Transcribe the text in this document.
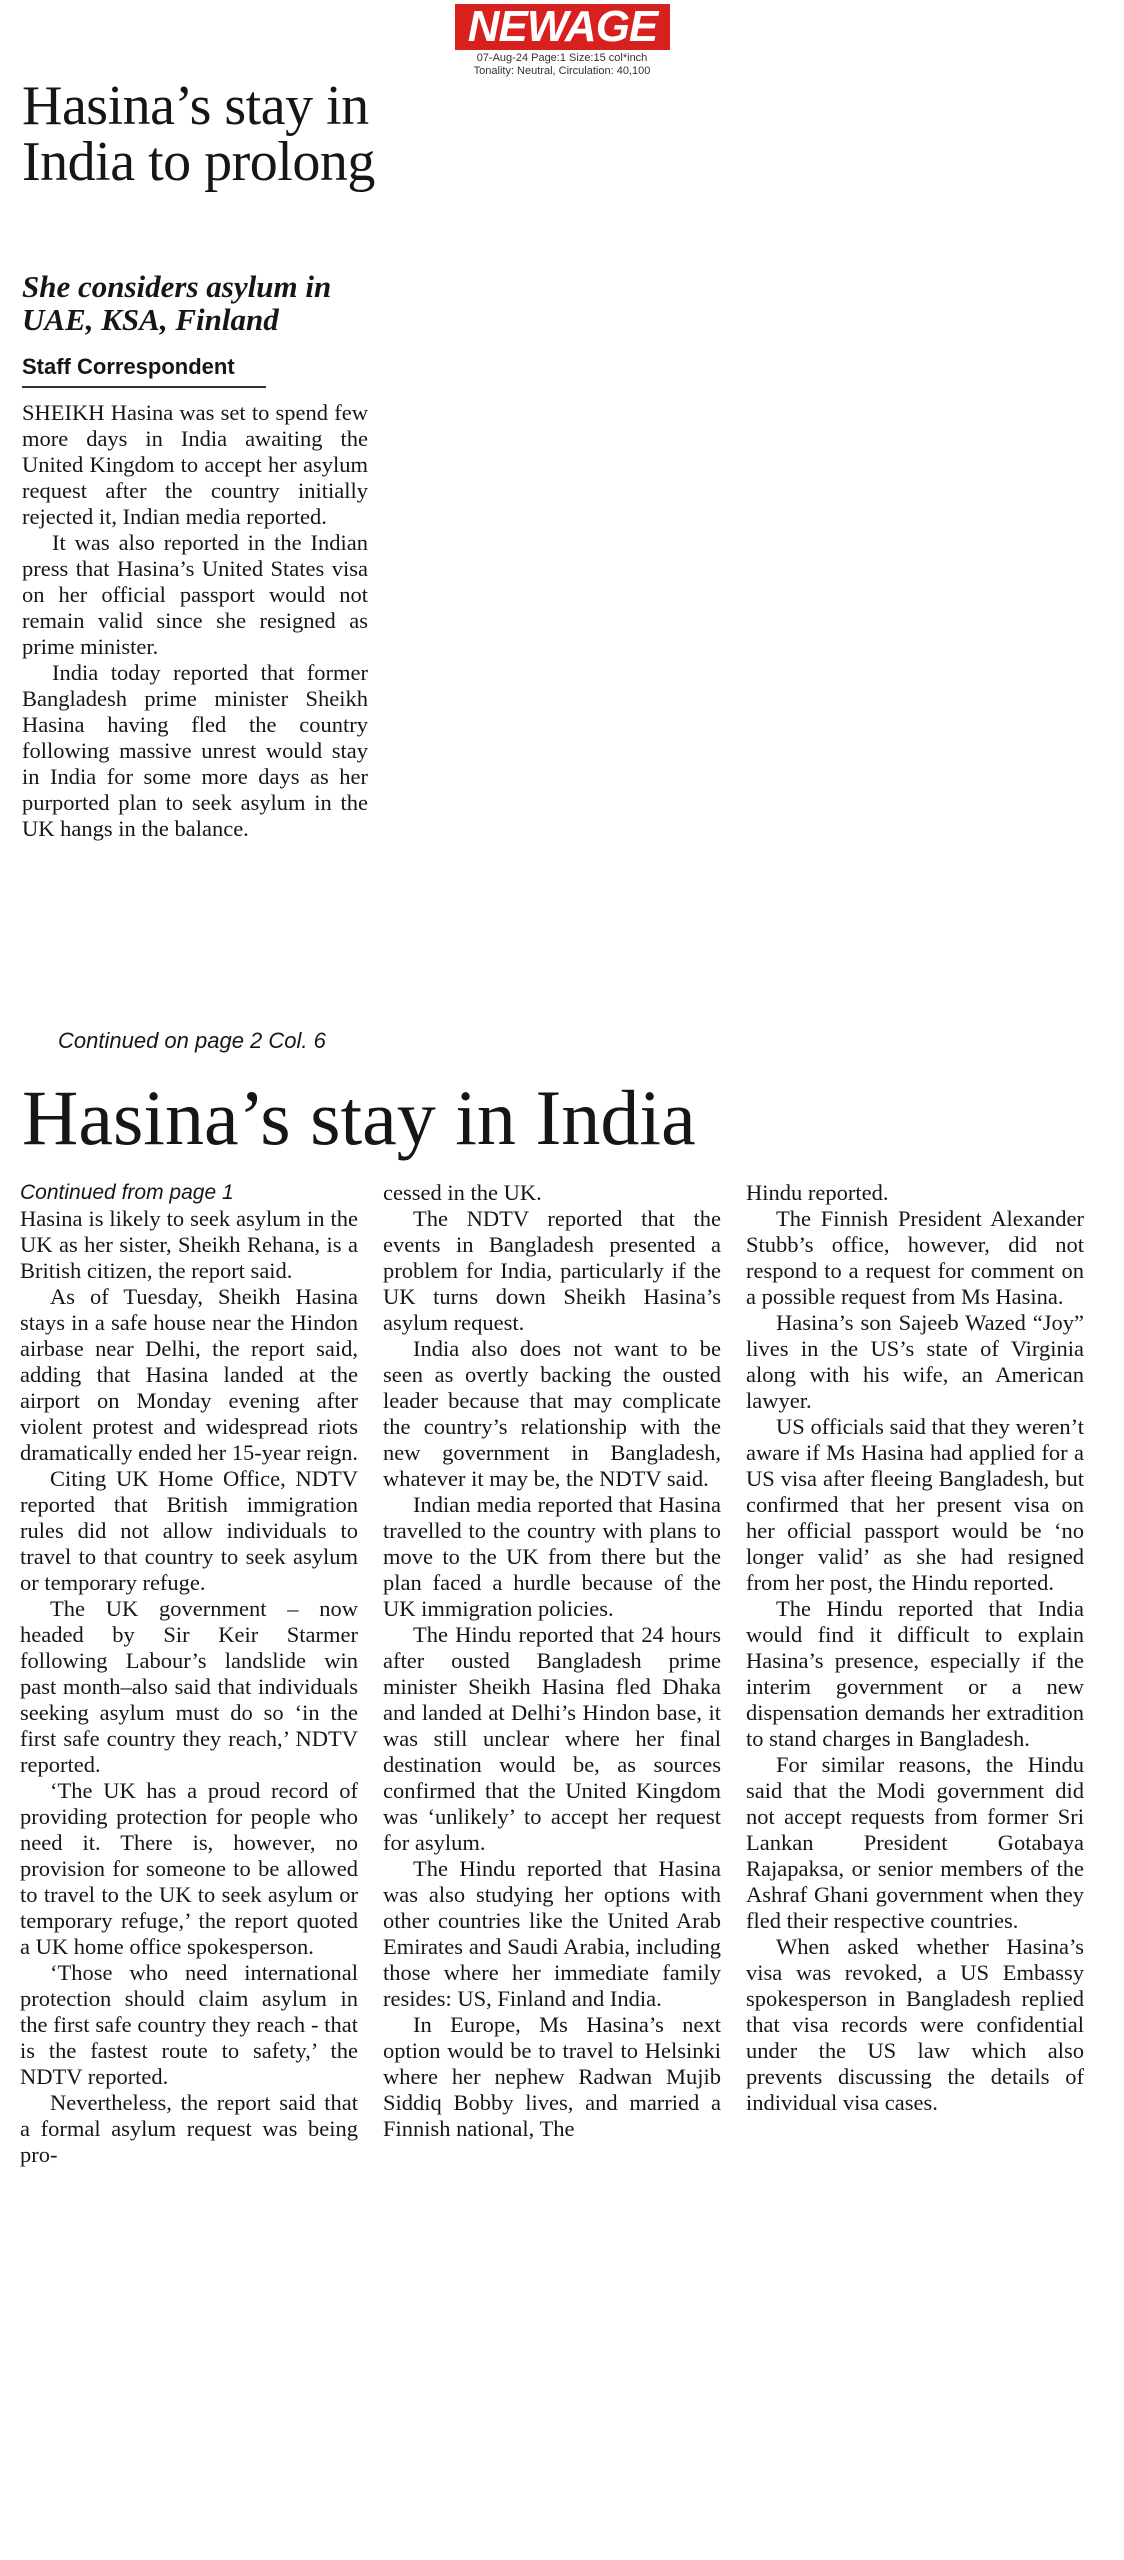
NEWAGE
07-Aug-24 Page:1 Size:15 col*inch
Tonality: Neutral, Circulation: 40,100
Hasina’s stay in India to prolong
She considers asylum in UAE, KSA, Finland
Staff Correspondent

SHEIKH Hasina was set to spend few more days in India awaiting the United Kingdom to accept her asylum request after the country initially rejected it, Indian media reported.

It was also reported in the Indian press that Hasina’s United States visa on her official passport would not remain valid since she resigned as prime minister.

India today reported that former Bangladesh prime minister Sheikh Hasina having fled the country following massive unrest would stay in India for some more days as her purported plan to seek asylum in the UK hangs in the balance.

Continued on page 2 Col. 6
Hasina’s stay in India
Continued from page 1

Hasina is likely to seek asylum in the UK as her sister, Sheikh Rehana, is a British citizen, the report said.

As of Tuesday, Sheikh Hasina stays in a safe house near the Hindon airbase near Delhi, the report said, adding that Hasina landed at the airport on Monday evening after violent protest and widespread riots dramatically ended her 15-year reign.

Citing UK Home Office, NDTV reported that British immigration rules did not allow individuals to travel to that country to seek asylum or temporary refuge.

The UK government – now headed by Sir Keir Starmer following Labour’s landslide win past month–also said that individuals seeking asylum must do so ‘in the first safe country they reach,’ NDTV reported.

‘The UK has a proud record of providing protection for people who need it. There is, however, no provision for someone to be allowed to travel to the UK to seek asylum or temporary refuge,’ the report quoted a UK home office spokesperson.

‘Those who need international protection should claim asylum in the first safe country they reach - that is the fastest route to safety,’ the NDTV reported.

Nevertheless, the report said that a formal asylum request was being pro-

cessed in the UK.

The NDTV reported that the events in Bangladesh presented a problem for India, particularly if the UK turns down Sheikh Hasina’s asylum request.

India also does not want to be seen as overtly backing the ousted leader because that may complicate the country’s relationship with the new government in Bangladesh, whatever it may be, the NDTV said.

Indian media reported that Hasina travelled to the country with plans to move to the UK from there but the plan faced a hurdle because of the UK immigration policies.

The Hindu reported that 24 hours after ousted Bangladesh prime minister Sheikh Hasina fled Dhaka and landed at Delhi’s Hindon base, it was still unclear where her final destination would be, as sources confirmed that the United Kingdom was ‘unlikely’ to accept her request for asylum.

The Hindu reported that Hasina was also studying her options with other countries like the United Arab Emirates and Saudi Arabia, including those where her immediate family resides: US, Finland and India.

In Europe, Ms Hasina’s next option would be to travel to Helsinki where her nephew Radwan Mujib Siddiq Bobby lives, and married a Finnish national, The

Hindu reported.

The Finnish President Alexander Stubb’s office, however, did not respond to a request for comment on a possible request from Ms Hasina.

Hasina’s son Sajeeb Wazed “Joy” lives in the US’s state of Virginia along with his wife, an American lawyer.

US officials said that they weren’t aware if Ms Hasina had applied for a US visa after fleeing Bangladesh, but confirmed that her present visa on her official passport would be ‘no longer valid’ as she had resigned from her post, the Hindu reported.

The Hindu reported that India would find it difficult to explain Hasina’s presence, especially if the interim government or a new dispensation demands her extradition to stand charges in Bangladesh.

For similar reasons, the Hindu said that the Modi government did not accept requests from former Sri Lankan President Gotabaya Rajapaksa, or senior members of the Ashraf Ghani government when they fled their respective countries.

When asked whether Hasina’s visa was revoked, a US Embassy spokesperson in Bangladesh replied that visa records were confidential under the US law which also prevents discussing the details of individual visa cases.
